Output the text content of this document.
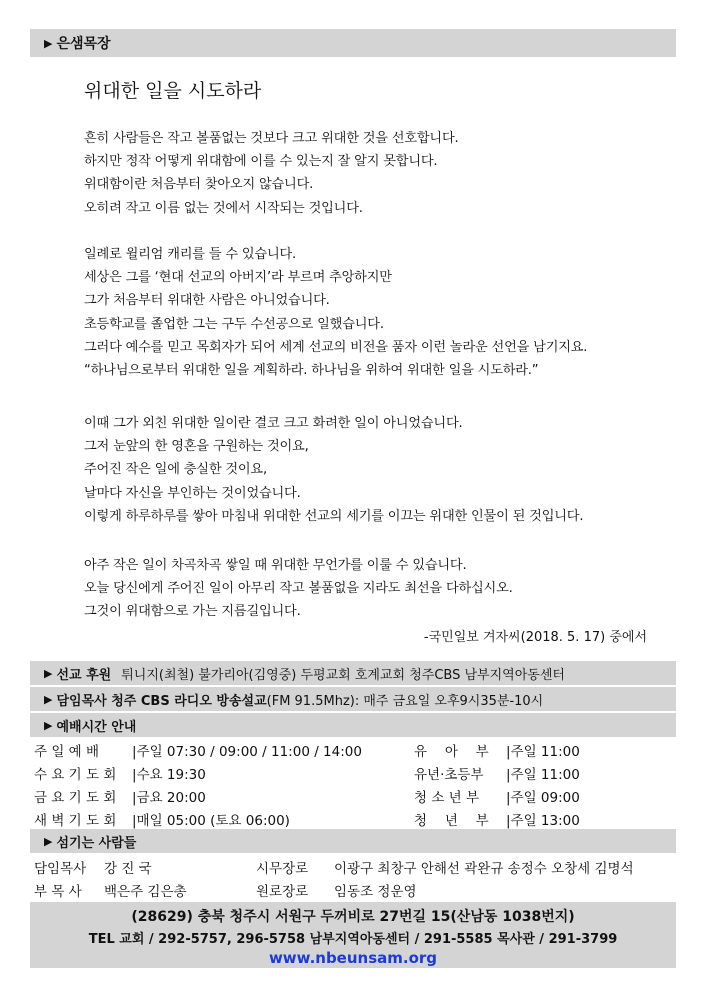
▶ 은샘목장
위대한 일을 시도하라
흔히 사람들은 작고 볼품없는 것보다 크고 위대한 것을 선호합니다.
하지만 정작 어떻게 위대함에 이를 수 있는지 잘 알지 못합니다.
위대함이란 처음부터 찾아오지 않습니다.
오히려 작고 이름 없는 것에서 시작되는 것입니다.
일례로 윌리엄 캐리를 들 수 있습니다.
세상은 그를 ‘현대 선교의 아버지’라 부르며 추앙하지만
그가 처음부터 위대한 사람은 아니었습니다.
초등학교를 졸업한 그는 구두 수선공으로 일했습니다.
그러다 예수를 믿고 목회자가 되어 세계 선교의 비전을 품자 이런 놀라운 선언을 남기지요.
“하나님으로부터 위대한 일을 계획하라. 하나님을 위하여 위대한 일을 시도하라.”
이때 그가 외친 위대한 일이란 결코 크고 화려한 일이 아니었습니다.
그저 눈앞의 한 영혼을 구원하는 것이요,
주어진 작은 일에 충실한 것이요,
날마다 자신을 부인하는 것이었습니다.
이렇게 하루하루를 쌓아 마침내 위대한 선교의 세기를 이끄는 위대한 인물이 된 것입니다.
아주 작은 일이 차곡차곡 쌓일 때 위대한 무언가를 이룰 수 있습니다.
오늘 당신에게 주어진 일이 아무리 작고 볼품없을 지라도 최선을 다하십시오.
그것이 위대함으로 가는 지름길입니다.
-국민일보 겨자씨(2018. 5. 17) 중에서
▶ 선교 후원 튀니지(최철) 불가리아(김영중) 두평교회 호계교회 청주CBS 남부지역아동센터
▶ 담임목사 청주 CBS 라디오 방송설교 (FM 91.5Mhz): 매주 금요일 오후9시35분-10시
▶ 예배시간 안내
주 일 예 배 |주일 07:30 / 09:00 / 11:00 / 14:00
수 요 기 도 회 |수요 19:30
금 요 기 도 회 |금요 20:00
새 벽 기 도 회 |매일 05:00 (토요 06:00)
유 　아 　부 |주일 11:00
유년·초등부 |주일 11:00
청 소 년 부 |주일 09:00
청 　년 　부 |주일 13:00
▶ 섬기는 사람들
담임목사 강 진 국	시무장로 이광구 최창구 안해선 곽완규 송정수 오창세 김명석
부 목 사 백은주 김은총	원로장로 임동조 정운영
(28629) 충북 청주시 서원구 두꺼비로 27번길 15(산남동 1038번지)
TEL 교회 / 292-5757, 296-5758 남부지역아동센터 / 291-5585 목사관 / 291-3799
www.nbeunsam.org
